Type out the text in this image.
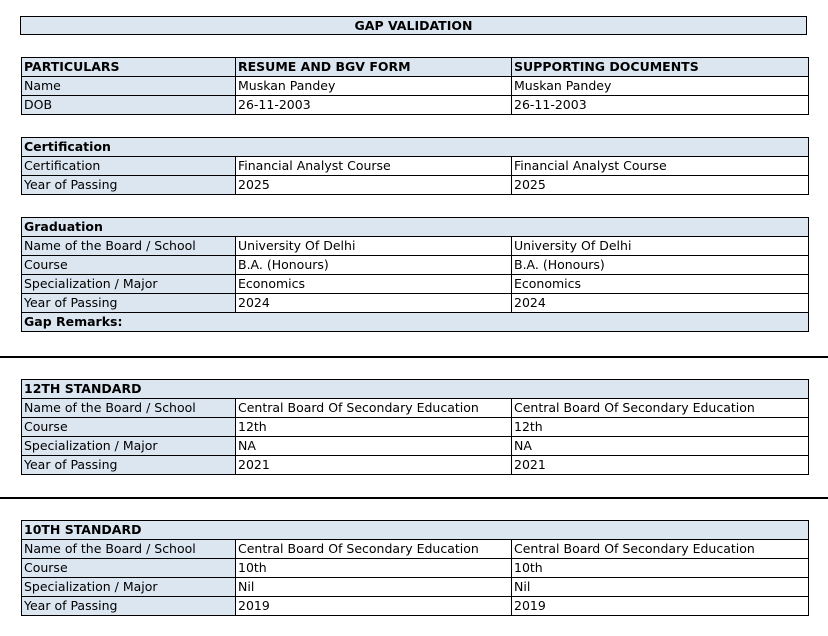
GAP VALIDATION
PARTICULARS	RESUME AND BGV FORM	SUPPORTING DOCUMENTS
Name	Muskan Pandey	Muskan Pandey
DOB	26-11-2003	26-11-2003
Certification		
Certification	Financial Analyst Course	Financial Analyst Course
Year of Passing	2025	2025
Graduation		
Name of the Board / School	University Of Delhi	University Of Delhi
Course	B.A. (Honours)	B.A. (Honours)
Specialization / Major	Economics	Economics
Year of Passing	2024	2024
Gap Remarks:		
12TH STANDARD		
Name of the Board / School	Central Board Of Secondary Education	Central Board Of Secondary Education
Course	12th	12th
Specialization / Major	NA	NA
Year of Passing	2021	2021
10TH STANDARD		
Name of the Board / School	Central Board Of Secondary Education	Central Board Of Secondary Education
Course	10th	10th
Specialization / Major	Nil	Nil
Year of Passing	2019	2019
